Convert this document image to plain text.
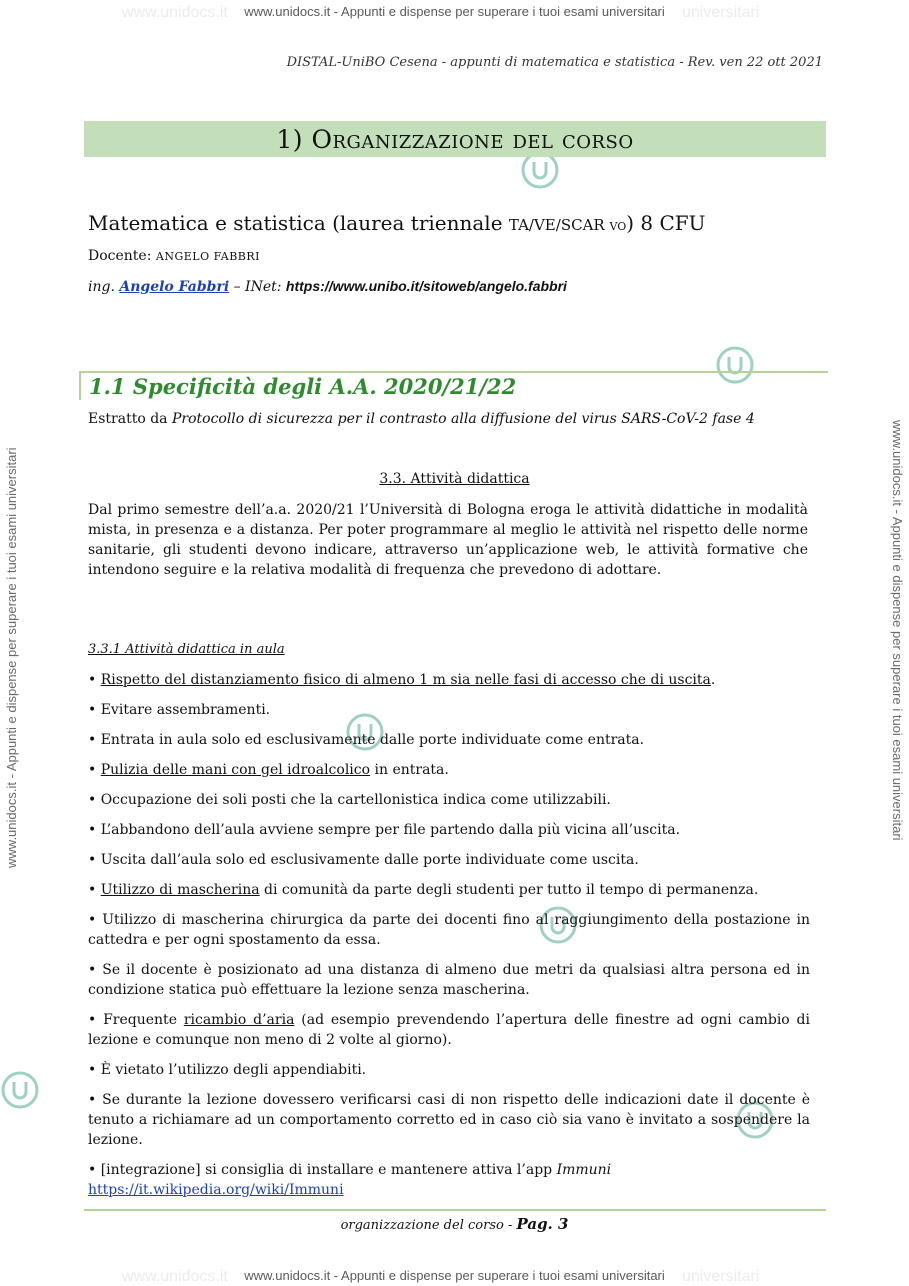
www.unidocs.it www.unidocs.it - Appunti e dispense per superare i tuoi esami universitari universitari
www.unidocs.it - Appunti e dispense per superare i tuoi esami universitari	www.unidocs.it - Appunti e dispense per superare i tuoi esami universitari
DISTAL-UniBO Cesena - appunti di matematica e statistica - Rev. ven 22 ott 2021
1) Organizzazione del corso
Matematica e statistica (laurea triennale TA/VE/SCAR vo) 8 CFU
Docente: ANGELO FABBRI
ing. Angelo Fabbri – INet: https://www.unibo.it/sitoweb/angelo.fabbri
1.1 Specificità degli A.A. 2020/21/22
Estratto da Protocollo di sicurezza per il contrasto alla diffusione del virus SARS-CoV-2 fase 4
3.3. Attività didattica
Dal primo semestre dell’a.a. 2020/21 l’Università di Bologna eroga le attività didattiche in modalità mista, in presenza e a distanza. Per poter programmare al meglio le attività nel rispetto delle norme sanitarie, gli studenti devono indicare, attraverso un’applicazione web, le attività formative che intendono seguire e la relativa modalità di frequenza che prevedono di adottare.
3.3.1 Attività didattica in aula
• Rispetto del distanziamento fisico di almeno 1 m sia nelle fasi di accesso che di uscita.
• Evitare assembramenti.
• Entrata in aula solo ed esclusivamente dalle porte individuate come entrata.
• Pulizia delle mani con gel idroalcolico in entrata.
• Occupazione dei soli posti che la cartellonistica indica come utilizzabili.
• L’abbandono dell’aula avviene sempre per file partendo dalla più vicina all’uscita.
• Uscita dall’aula solo ed esclusivamente dalle porte individuate come uscita.
• Utilizzo di mascherina di comunità da parte degli studenti per tutto il tempo di permanenza.
• Utilizzo di mascherina chirurgica da parte dei docenti fino al raggiungimento della postazione in cattedra e per ogni spostamento da essa.
• Se il docente è posizionato ad una distanza di almeno due metri da qualsiasi altra persona ed in condizione statica può effettuare la lezione senza mascherina.
• Frequente ricambio d’aria (ad esempio prevendendo l’apertura delle finestre ad ogni cambio di lezione e comunque non meno di 2 volte al giorno).
• È vietato l’utilizzo degli appendiabiti.
• Se durante la lezione dovessero verificarsi casi di non rispetto delle indicazioni date il docente è tenuto a richiamare ad un comportamento corretto ed in caso ciò sia vano è invitato a sospendere la lezione.
• [integrazione] si consiglia di installare e mantenere attiva l’app Immuni
https://it.wikipedia.org/wiki/Immuni
organizzazione del corso - Pag. 3
www.unidocs.it www.unidocs.it - Appunti e dispense per superare i tuoi esami universitari universitari
